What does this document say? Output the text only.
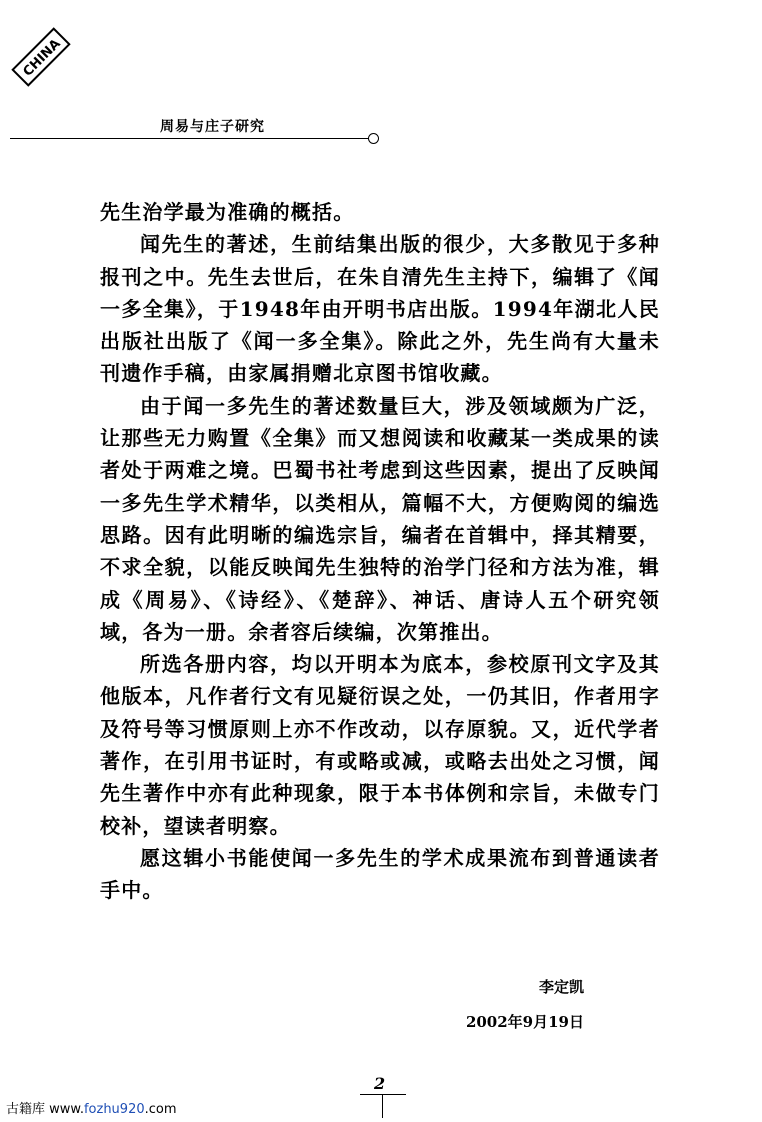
CHINA
周易与庄子研究

先生治学最为准确的概括。

闻先生的著述，生前结集出版的很少，大多散见于多种报刊之中。先生去世后，在朱自清先生主持下，编辑了《闻一多全集》，于1948年由开明书店出版。1994年湖北人民出版社出版了《闻一多全集》。除此之外，先生尚有大量未刊遗作手稿，由家属捐赠北京图书馆收藏。

由于闻一多先生的著述数量巨大，涉及领域颇为广泛，让那些无力购置《全集》而又想阅读和收藏某一类成果的读者处于两难之境。巴蜀书社考虑到这些因素，提出了反映闻一多先生学术精华，以类相从，篇幅不大，方便购阅的编选思路。因有此明晰的编选宗旨，编者在首辑中，择其精要，不求全貌，以能反映闻先生独特的治学门径和方法为准，辑成《周易》、《诗经》、《楚辞》、神话、唐诗人五个研究领域，各为一册。余者容后续编，次第推出。

所选各册内容，均以开明本为底本，参校原刊文字及其他版本，凡作者行文有见疑衍误之处，一仍其旧，作者用字及符号等习惯原则上亦不作改动，以存原貌。又，近代学者著作，在引用书证时，有或略或减，或略去出处之习惯，闻先生著作中亦有此种现象，限于本书体例和宗旨，未做专门校补，望读者明察。

愿这辑小书能使闻一多先生的学术成果流布到普通读者手中。

李定凯
2002年9月19日
2
古籍库 www.fozhu920.com
